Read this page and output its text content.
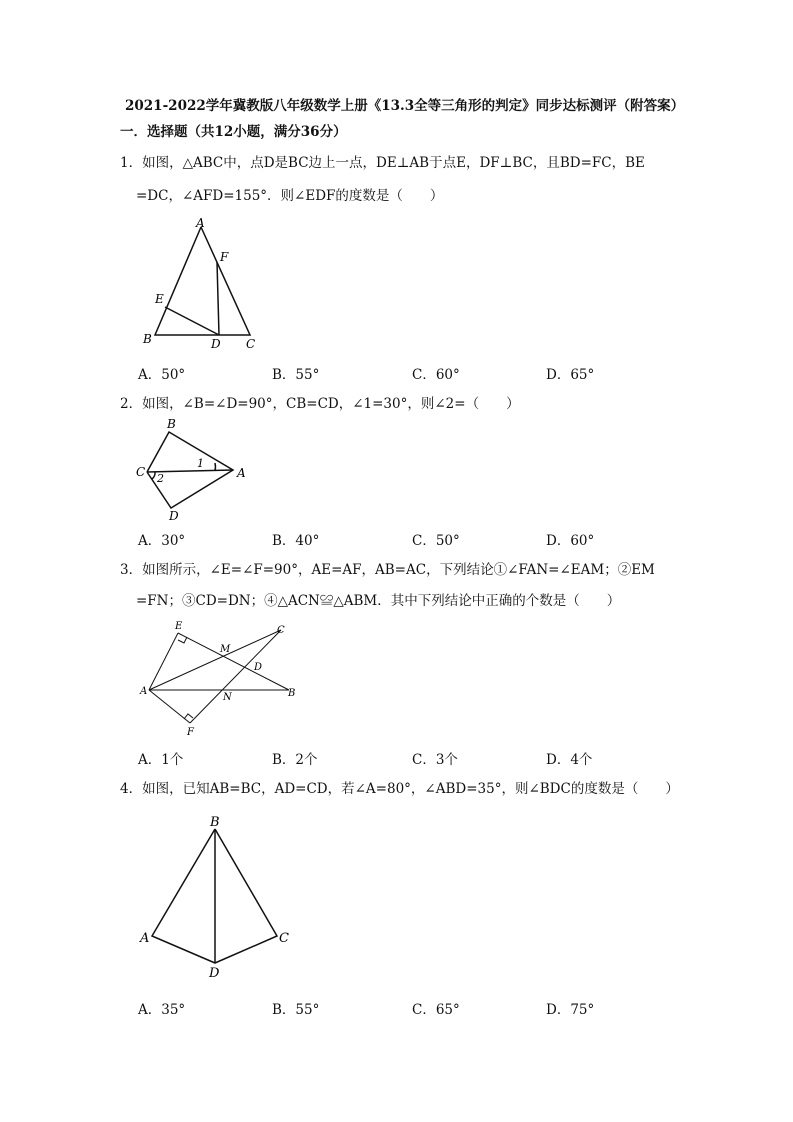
2021-2022学年冀教版八年级数学上册《13.3全等三角形的判定》同步达标测评（附答案）
一．选择题（共12小题，满分36分）
1．如图，△ABC中，点D是BC边上一点，DE⊥AB于点E，DF⊥BC，且BD=FC，BE
=DC，∠AFD=155°．则∠EDF的度数是（　　）
A
F
E
B	D C
A．50°	B．55°	C．60°	D．65°
2．如图，∠B=∠D=90°，CB=CD，∠1=30°，则∠2=（　　）
B
C	A
D
1
2
A．30°	B．40°	C．50°	D．60°
3．如图所示，∠E=∠F=90°，AE=AF，AB=AC，下列结论①∠FAN=∠EAM；②EM
=FN；③CD=DN；④△ACN≌△ABM．其中下列结论中正确的个数是（　　）
E	C
M
D
A
N	B
F
A．1个	B．2个	C．3个	D．4个
4．如图，已知AB=BC，AD=CD，若∠A=80°，∠ABD=35°，则∠BDC的度数是（　　）
B
A	C
D
A．35°	B．55°	C．65°	D．75°
